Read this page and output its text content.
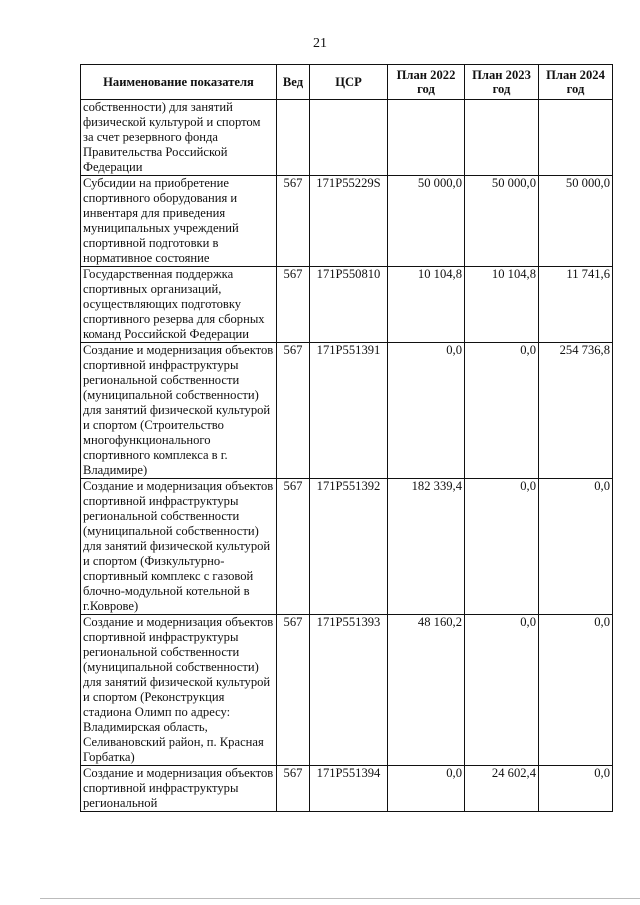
21
Наименование показателя	Вед	ЦСР	План 2022 год	План 2023 год	План 2024 год
собственности) для занятий физической культурой и спортом за счет резервного фонда Правительства Российской Федерации					
Субсидии на приобретение спортивного оборудования и инвентаря для приведения муниципальных учреждений спортивной подготовки в нормативное состояние	567	171P55229S	50 000,0	50 000,0	50 000,0
Государственная поддержка спортивных организаций, осуществляющих подготовку спортивного резерва для сборных команд Российской Федерации	567	171P550810	10 104,8	10 104,8	11 741,6
Создание и модернизация объектов спортивной инфраструктуры региональной собственности (муниципальной собственности) для занятий физической культурой и спортом (Строительство многофункционального спортивного комплекса в г. Владимире)	567	171P551391	0,0	0,0	254 736,8
Создание и модернизация объектов спортивной инфраструктуры региональной собственности (муниципальной собственности) для занятий физической культурой и спортом (Физкультурно-спортивный комплекс с газовой блочно-модульной котельной в г.Коврове)	567	171P551392	182 339,4	0,0	0,0
Создание и модернизация объектов спортивной инфраструктуры региональной собственности (муниципальной собственности) для занятий физической культурой и спортом (Реконструкция стадиона Олимп по адресу: Владимирская область, Селивановский район, п. Красная Горбатка)	567	171P551393	48 160,2	0,0	0,0
Создание и модернизация объектов спортивной инфраструктуры региональной	567	171P551394	0,0	24 602,4	0,0
